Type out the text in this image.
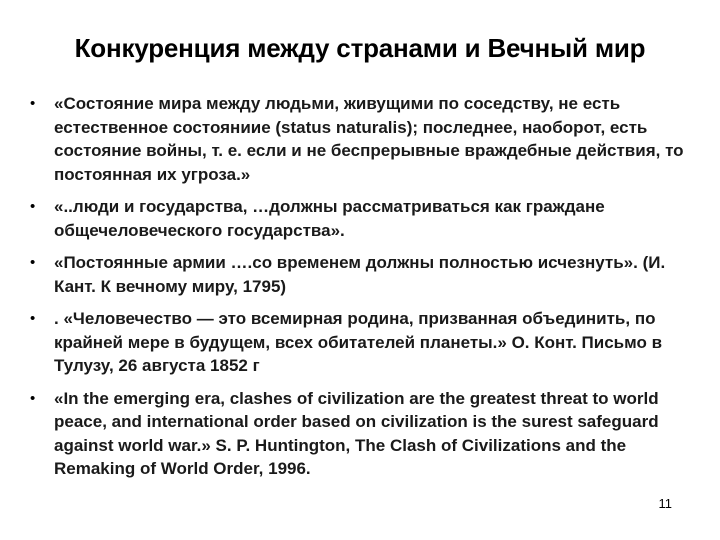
Конкуренция между странами и Вечный мир
• «Состояние мира между людьми, живущими по соседству, не есть естественное состояниие (status naturalis); последнее, наоборот, есть состояние войны, т. е. если и не беспрерывные враждебные действия, то постоянная их угроза.»
• «..люди и государства, …должны рассматриваться как граждане общечеловеческого государства».
• «Постоянные армии ….со временем должны полностью исчезнуть». (И. Кант. К вечному миру, 1795)
• . «Человечество — это всемирная родина, призванная объединить, по крайней мере в будущем, всех обитателей планеты.» О. Конт. Письмо в Тулузу, 26 августа 1852 г
• «In the emerging era, clashes of civilization are the greatest threat to world peace, and international order based on civilization is the surest safeguard against world war.» S. P. Huntington, The Clash of Civilizations and the Remaking of World Order, 1996.
11
